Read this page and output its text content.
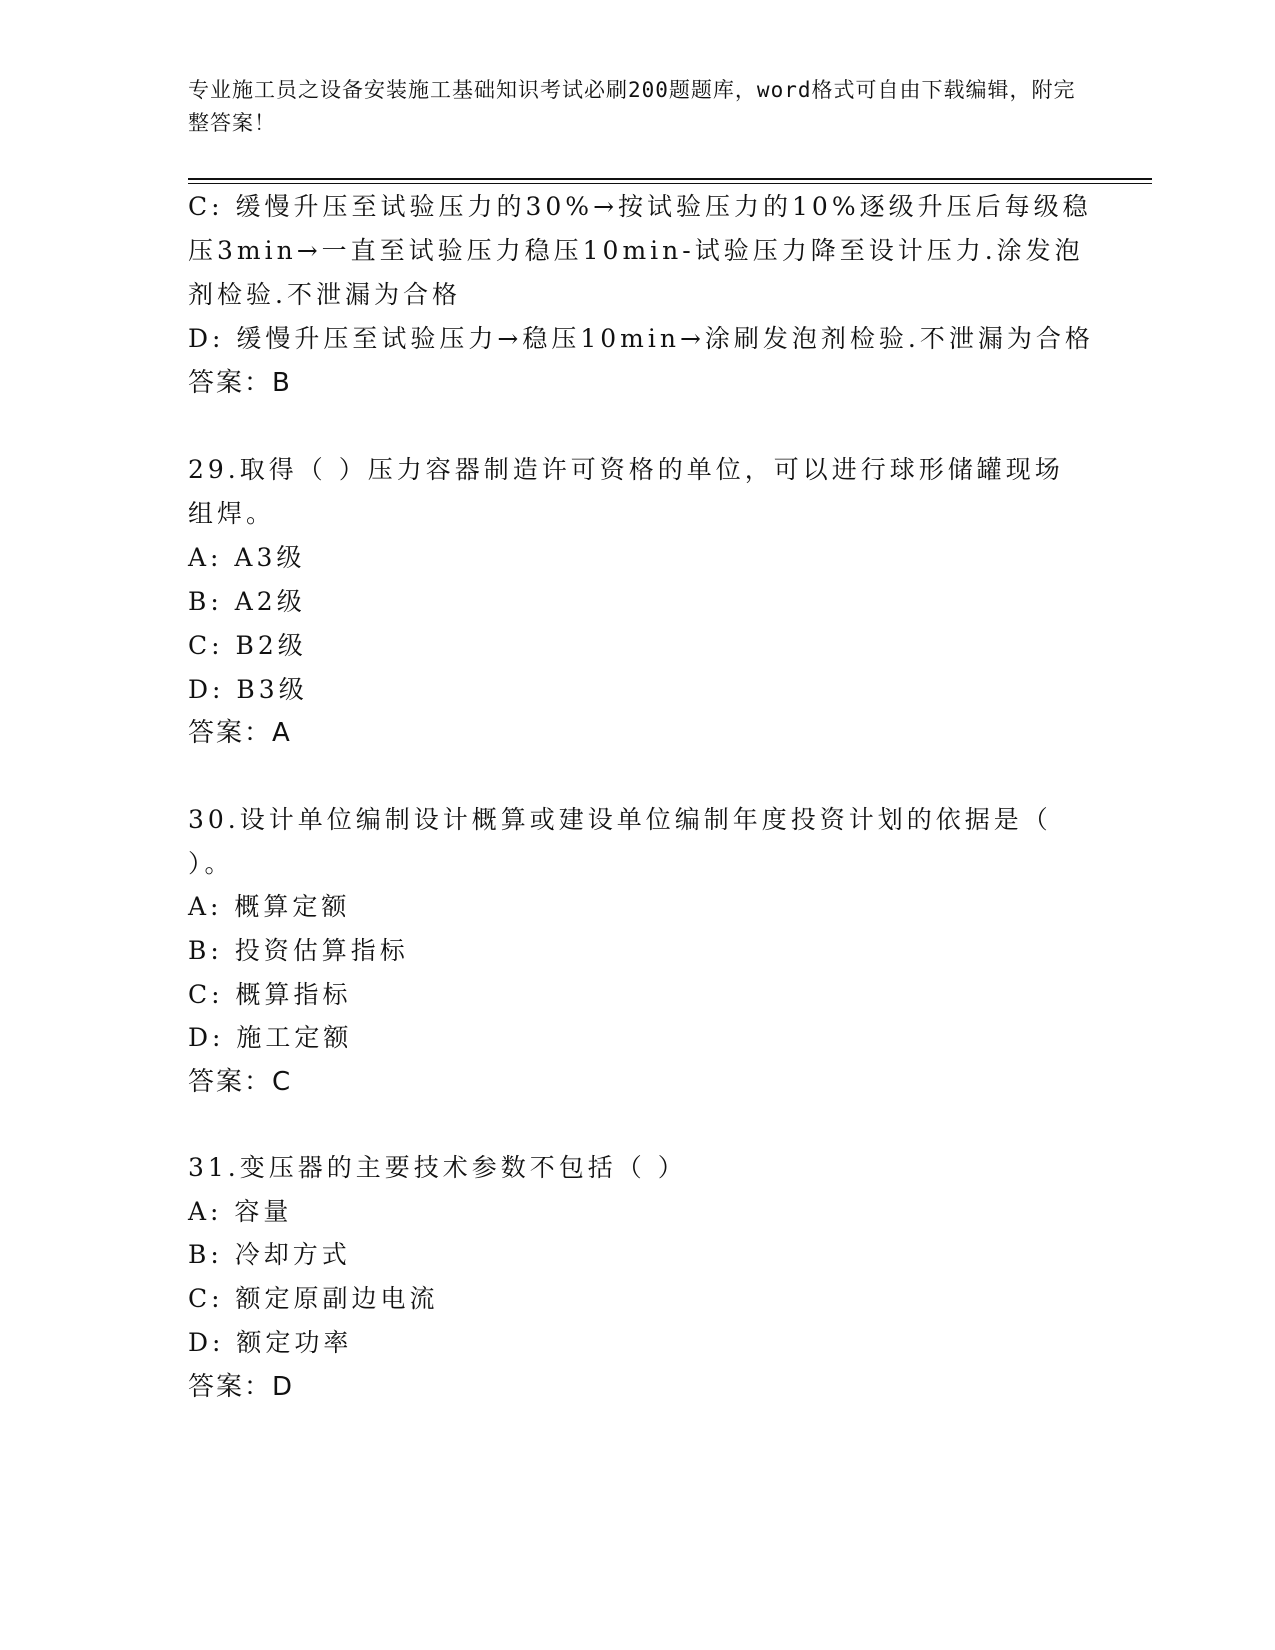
专业施工员之设备安装施工基础知识考试必刷200题题库，word格式可自由下载编辑，附完整答案！
C: 缓慢升压至试验压力的30%→按试验压力的10%逐级升压后每级稳
压3min→一直至试验压力稳压10min-试验压力降至设计压力.涂发泡
剂检验.不泄漏为合格
D: 缓慢升压至试验压力→稳压10min→涂刷发泡剂检验.不泄漏为合格
答案：B
29.取得（ ）压力容器制造许可资格的单位，可以进行球形储罐现场
组焊。
A: A3级
B: A2级
C: B2级
D: B3级
答案：A
30.设计单位编制设计概算或建设单位编制年度投资计划的依据是（
）。
A: 概算定额
B: 投资估算指标
C: 概算指标
D: 施工定额
答案：C
31.变压器的主要技术参数不包括（ ）
A: 容量
B: 冷却方式
C: 额定原副边电流
D: 额定功率
答案：D
